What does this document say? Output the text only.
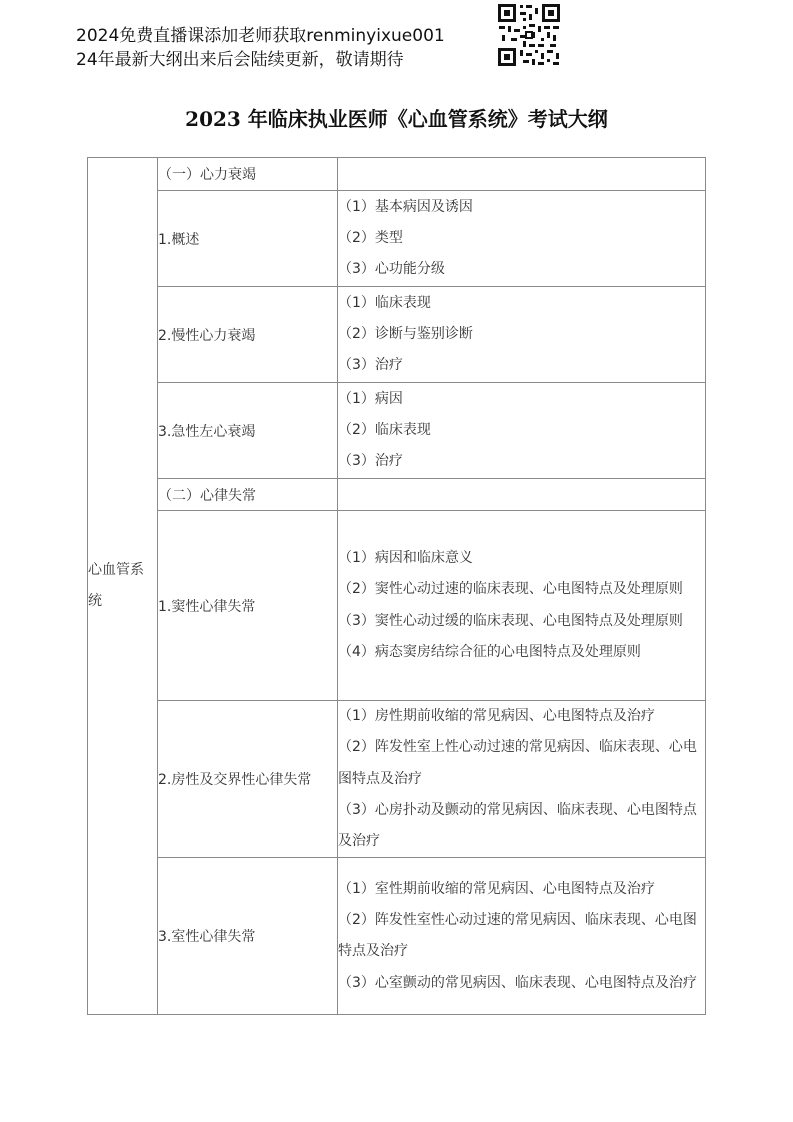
2024免费直播课添加老师获取renminyixue001
24年最新大纲出来后会陆续更新，敬请期待
2023 年临床执业医师《心血管系统》考试大纲
心血管系统	（一）心力衰竭	
	1.概述	（1）基本病因及诱因
（2）类型
（3）心功能分级

	2.慢性心力衰竭	（1）临床表现
（2）诊断与鉴别诊断
（3）治疗

	3.急性左心衰竭	（1）病因
（2）临床表现
（3）治疗

	（二）心律失常	
	1.窦性心律失常	（1）病因和临床意义
（2）窦性心动过速的临床表现、心电图特点及处理原则
（3）窦性心动过缓的临床表现、心电图特点及处理原则
（4）病态窦房结综合征的心电图特点及处理原则

	2.房性及交界性心律失常	（1）房性期前收缩的常见病因、心电图特点及治疗
（2）阵发性室上性心动过速的常见病因、临床表现、心电图特点及治疗
（3）心房扑动及颤动的常见病因、临床表现、心电图特点及治疗

	3.室性心律失常	（1）室性期前收缩的常见病因、心电图特点及治疗
（2）阵发性室性心动过速的常见病因、临床表现、心电图特点及治疗
（3）心室颤动的常见病因、临床表现、心电图特点及治疗
